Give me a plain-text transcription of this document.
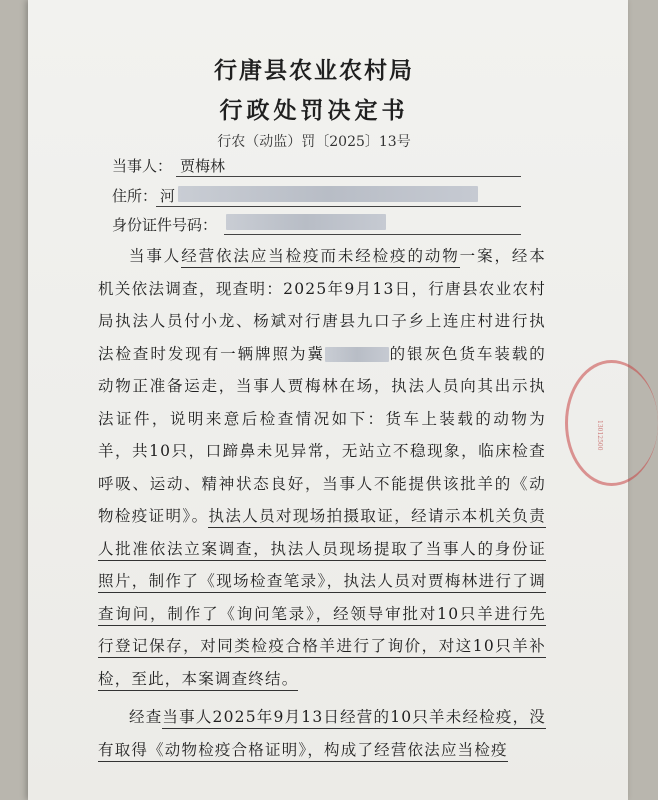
行唐县农业农村局
行政处罚决定书
行农（动监）罚〔2025〕13号
当事人： 贾梅林
住所： 河
身份证件号码：

当事人经营依法应当检疫而未经检疫的动物一案，经本机关依法调查，现查明：2025年9月13日，行唐县农业农村局执法人员付小龙、杨斌对行唐县九口子乡上连庄村进行执法检查时发现有一辆牌照为冀	的银灰色货车装载的动物正准备运走，当事人贾梅林在场，执法人员向其出示执法证件，说明来意后检查情况如下：货车上装载的动物为羊，共10只，口蹄鼻未见异常，无站立不稳现象，临床检查呼吸、运动、精神状态良好，当事人不能提供该批羊的《动物检疫证明》。执法人员对现场拍摄取证，经请示本机关负责人批准依法立案调查，执法人员现场提取了当事人的身份证照片，制作了《现场检查笔录》，执法人员对贾梅林进行了调查询问，制作了《询问笔录》，经领导审批对10只羊进行先行登记保存，对同类检疫合格羊进行了询价，对这10只羊补检，至此，本案调查终结。

经查当事人2025年9月13日经营的10只羊未经检疫，没有取得《动物检疫合格证明》，构成了经营依法应当检疫

13012500
